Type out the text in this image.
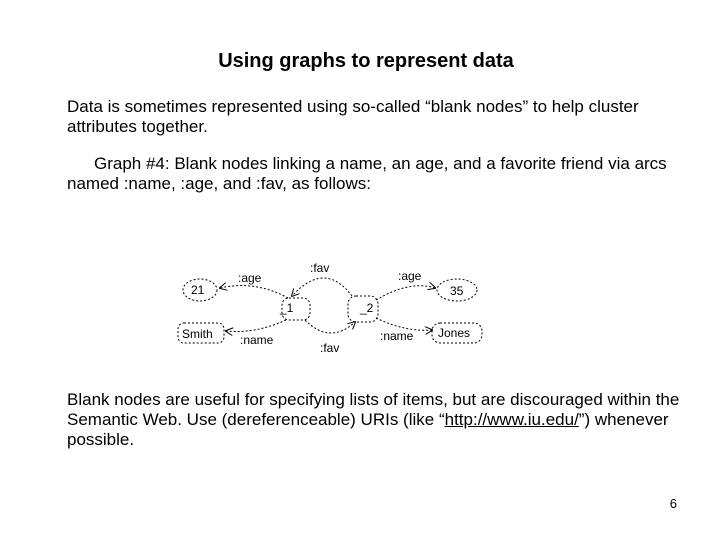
Using graphs to represent data
Data is sometimes represented using so-called “blank nodes” to help cluster attributes together.
Graph #4: Blank nodes linking a name, an age, and a favorite friend via arcs named :name, :age, and :fav, as follows:
21
Smith
_1	_2
35
Jones
:age
:name
:fav
:fav
:age
:name
Blank nodes are useful for specifying lists of items, but are discouraged within the Semantic Web. Use (dereferenceable) URIs (like “http://www.iu.edu/”) whenever possible.
6
